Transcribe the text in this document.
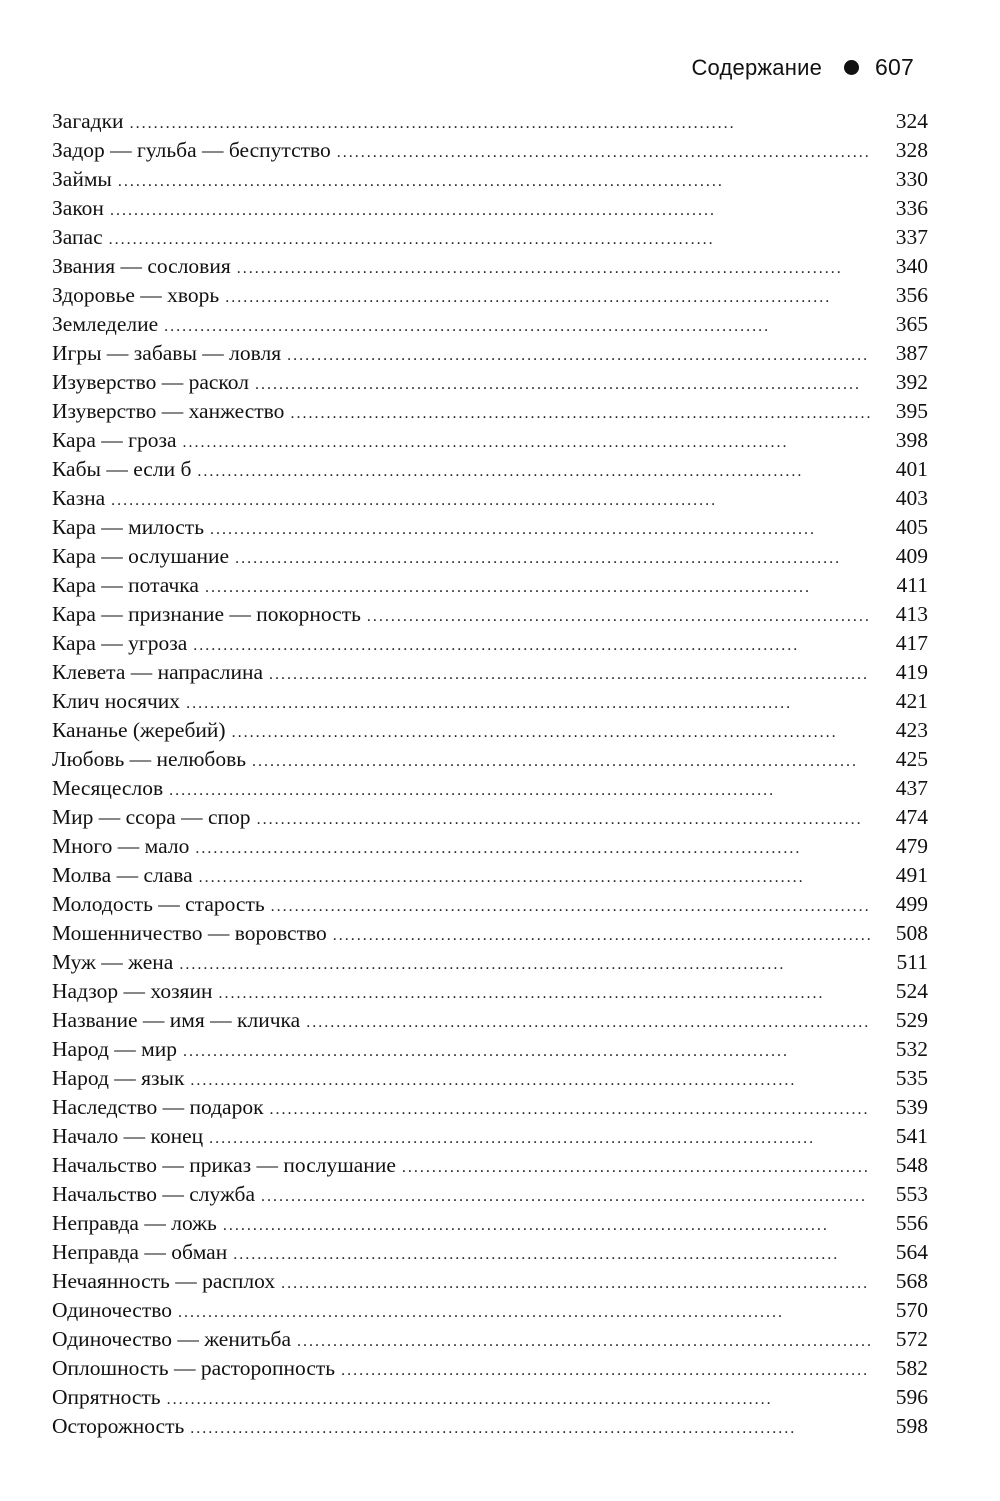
Содержание 607
Загадки . . .	324
Задор — гульба — беспутство . . .	328
Займы . . .	330
Закон . . .	336
Запас . . .	337
Звания — сословия . . .	340
Здоровье — хворь . . .	356
Земледелие . . .	365
Игры — забавы — ловля . . .	387
Изуверство — раскол . . .	392
Изуверство — ханжество . . .	395
Кара — гроза . . .	398
Кабы — если б . . .	401
Казна . . .	403
Кара — милость . . .	405
Кара — ослушание . . .	409
Кара — потачка . . .	411
Кара — признание — покорность . . .	413
Кара — угроза . . .	417
Клевета — напраслина . . .	419
Клич носячих . . .	421
Кананье (жеребий) . . .	423
Любовь — нелюбовь . . .	425
Месяцеслов . . .	437
Мир — ссора — спор . . .	474
Много — мало . . .	479
Молва — слава . . .	491
Молодость — старость . . .	499
Мошенничество — воровство . . .	508
Муж — жена . . .	511
Надзор — хозяин . . .	524
Название — имя — кличка . . .	529
Народ — мир . . .	532
Народ — язык . . .	535
Наследство — подарок . . .	539
Начало — конец . . .	541
Начальство — приказ — послушание . . .	548
Начальство — служба . . .	553
Неправда — ложь . . .	556
Неправда — обман . . .	564
Нечаянность — расплох . . .	568
Одиночество . . .	570
Одиночество — женитьба . . .	572
Оплошность — расторопность . . .	582
Опрятность . . .	596
Осторожность . . .	598
